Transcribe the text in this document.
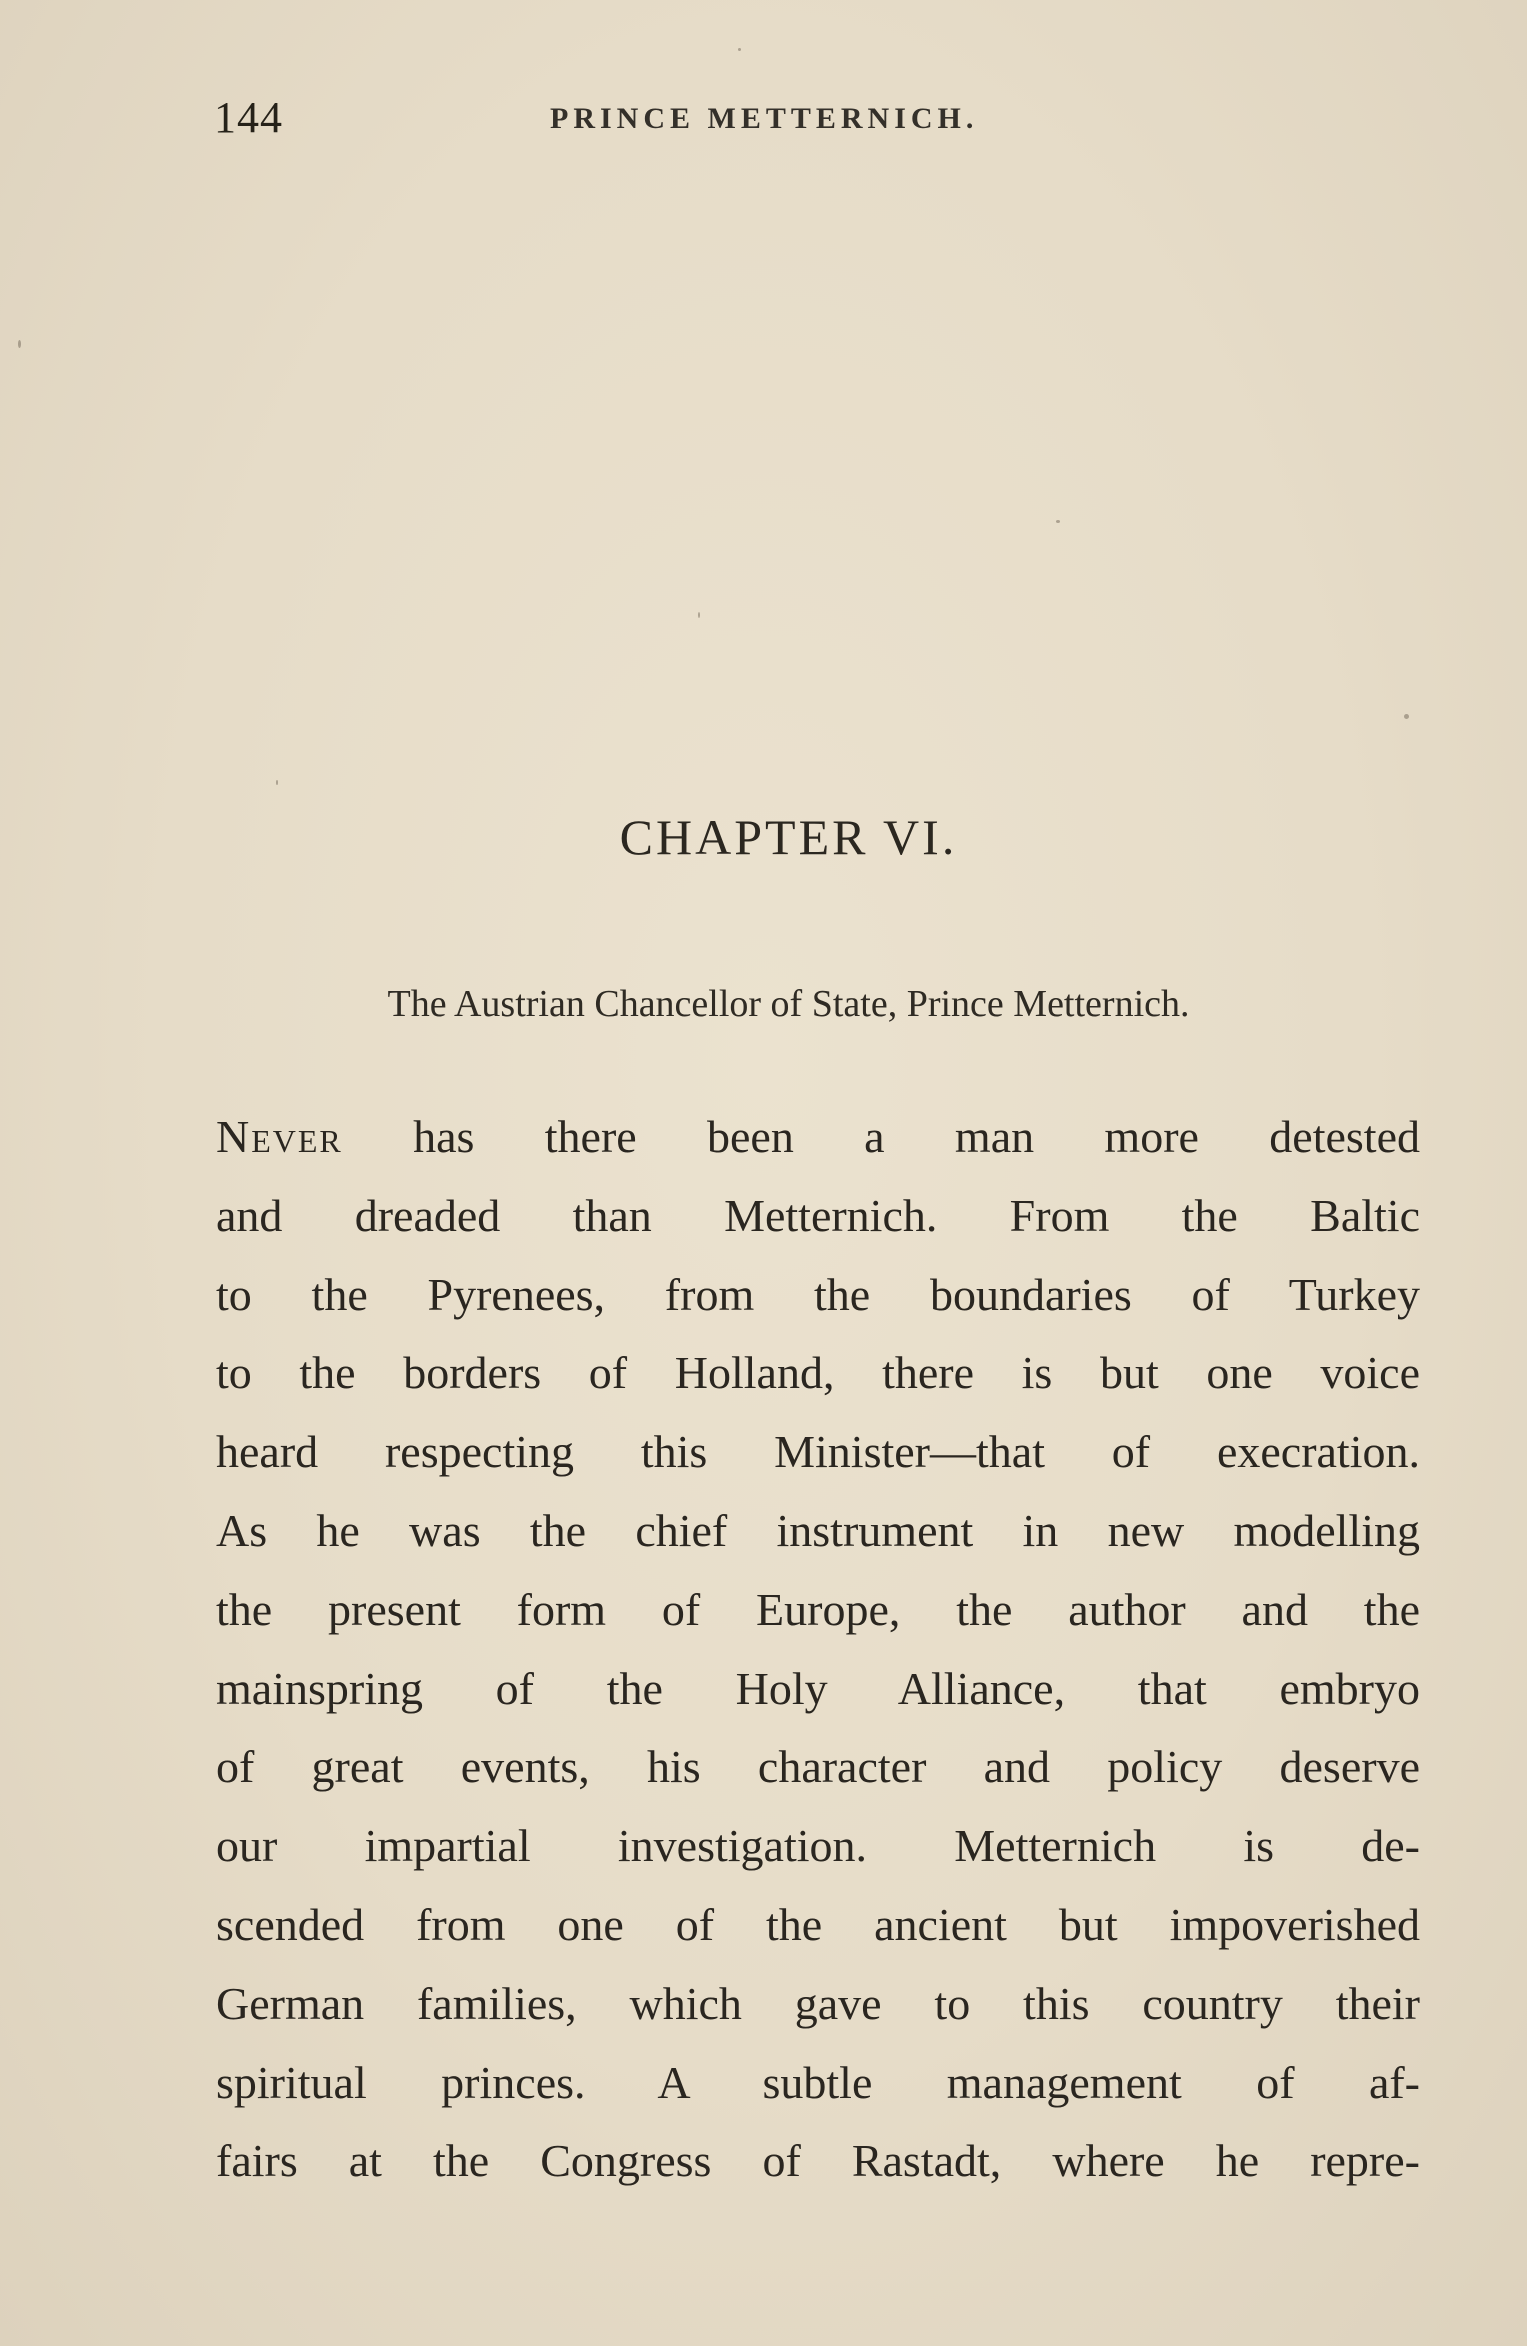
144	PRINCE METTERNICH.
CHAPTER VI.
The Austrian Chancellor of State, Prince Metternich.
Never has there been a man more detested
and dreaded than Metternich. From the Baltic
to the Pyrenees, from the boundaries of Turkey
to the borders of Holland, there is but one voice
heard respecting this Minister—that of execration.
As he was the chief instrument in new modelling
the present form of Europe, the author and the
mainspring of the Holy Alliance, that embryo
of great events, his character and policy deserve
our impartial investigation. Metternich is de-
scended from one of the ancient but impoverished
German families, which gave to this country their
spiritual princes. A subtle management of af-
fairs at the Congress of Rastadt, where he repre-
